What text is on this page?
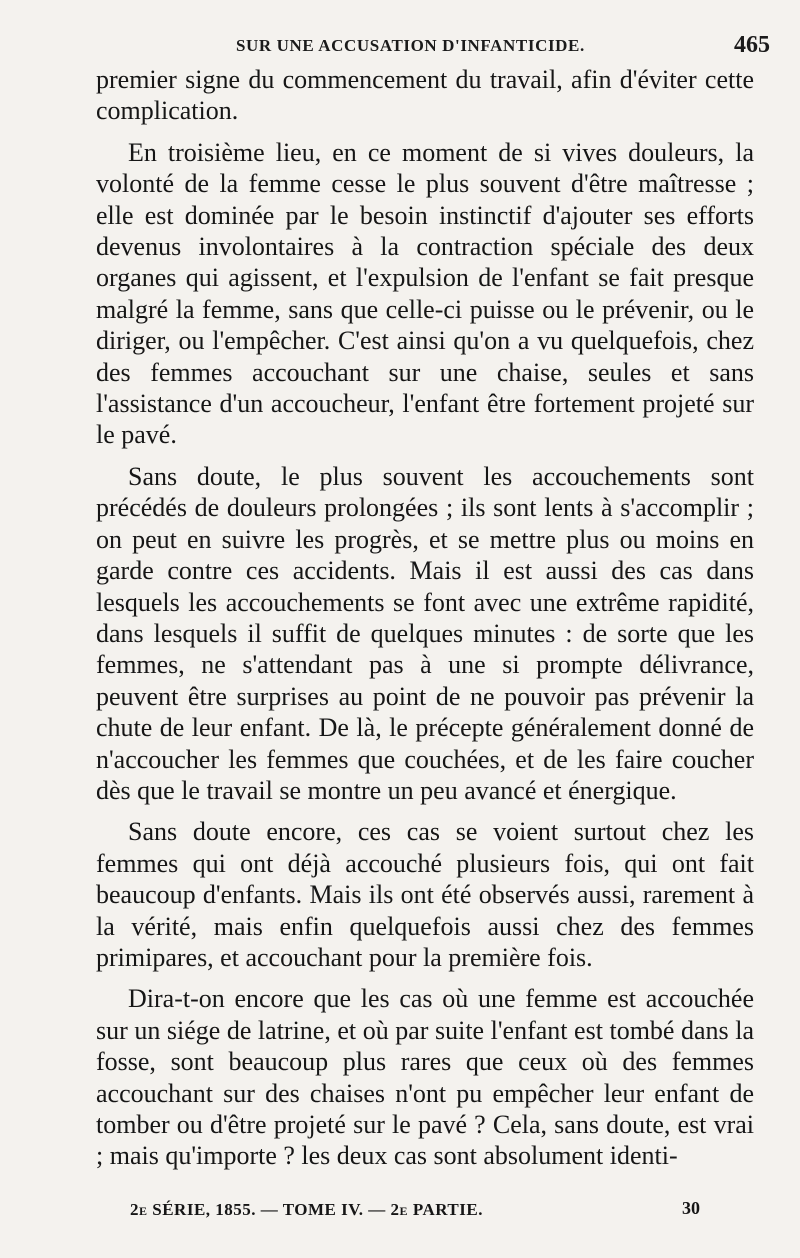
SUR UNE ACCUSATION D'INFANTICIDE.	465

premier signe du commencement du travail, afin d'éviter cette complication.

En troisième lieu, en ce moment de si vives douleurs, la volonté de la femme cesse le plus souvent d'être maîtresse ; elle est dominée par le besoin instinctif d'ajouter ses efforts devenus involontaires à la contraction spéciale des deux organes qui agissent, et l'expulsion de l'enfant se fait presque malgré la femme, sans que celle-ci puisse ou le prévenir, ou le diriger, ou l'empêcher. C'est ainsi qu'on a vu quelquefois, chez des femmes accouchant sur une chaise, seules et sans l'assistance d'un accoucheur, l'enfant être fortement projeté sur le pavé.

Sans doute, le plus souvent les accouchements sont précédés de douleurs prolongées ; ils sont lents à s'accomplir ; on peut en suivre les progrès, et se mettre plus ou moins en garde contre ces accidents. Mais il est aussi des cas dans lesquels les accouchements se font avec une extrême rapidité, dans lesquels il suffit de quelques minutes : de sorte que les femmes, ne s'attendant pas à une si prompte délivrance, peuvent être surprises au point de ne pouvoir pas prévenir la chute de leur enfant. De là, le précepte généralement donné de n'accoucher les femmes que couchées, et de les faire coucher dès que le travail se montre un peu avancé et énergique.

Sans doute encore, ces cas se voient surtout chez les femmes qui ont déjà accouché plusieurs fois, qui ont fait beaucoup d'enfants. Mais ils ont été observés aussi, rarement à la vérité, mais enfin quelquefois aussi chez des femmes primipares, et accouchant pour la première fois.

Dira-t-on encore que les cas où une femme est accouchée sur un siége de latrine, et où par suite l'enfant est tombé dans la fosse, sont beaucoup plus rares que ceux où des femmes accouchant sur des chaises n'ont pu empêcher leur enfant de tomber ou d'être projeté sur le pavé ? Cela, sans doute, est vrai ; mais qu'importe ? les deux cas sont absolument identi-

2e SÉRIE, 1855. — TOME IV. — 2e PARTIE.	30
